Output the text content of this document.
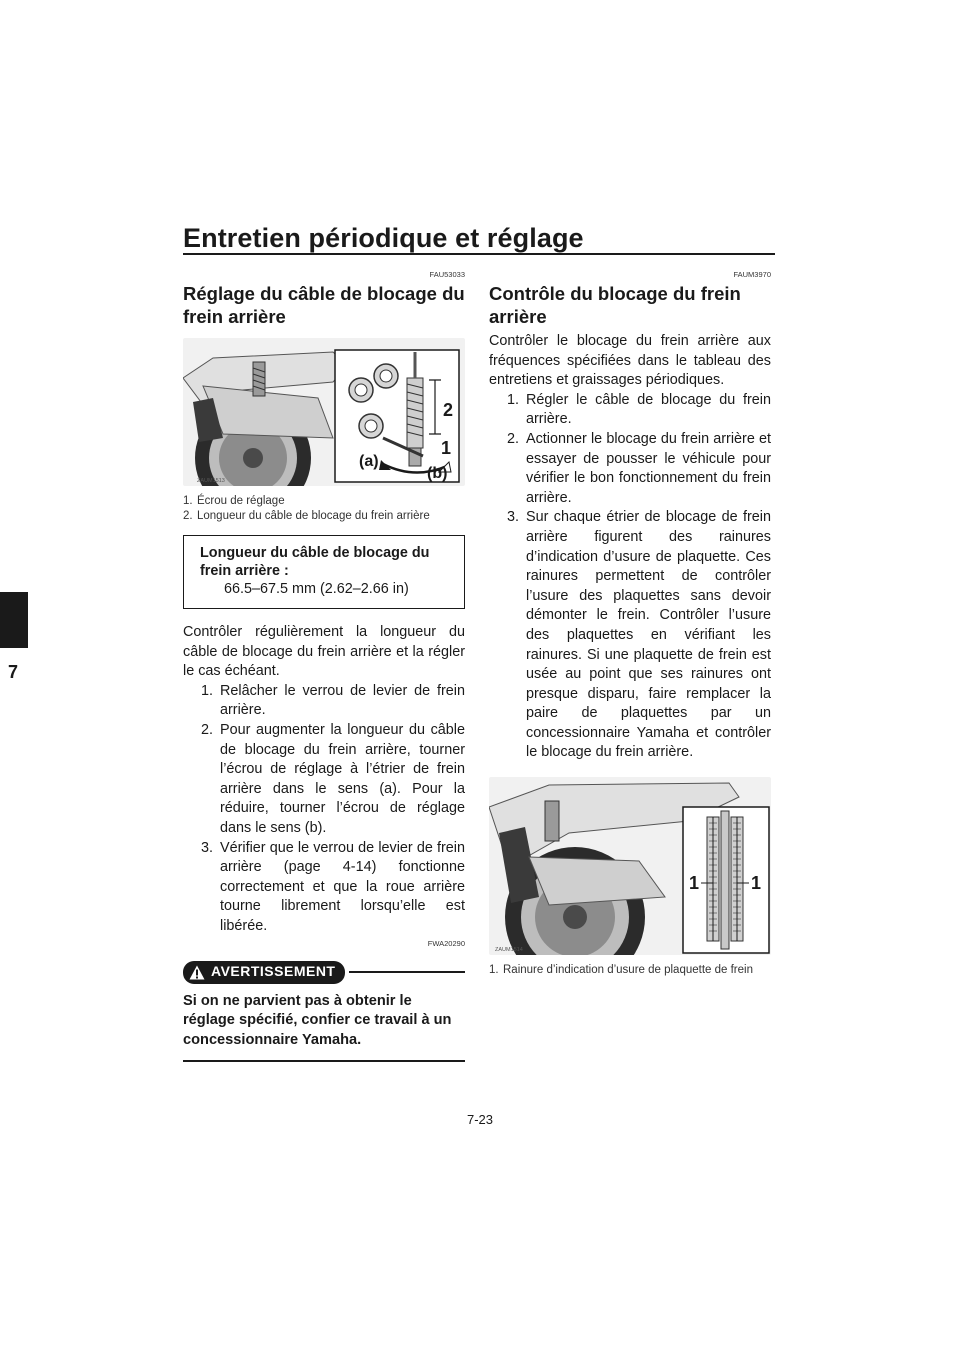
Entretien périodique et réglage
7
FAU53033
Réglage du câble de blocage du frein arrière
2
1
(a)
(b)
ZAUM1513
1. Écrou de réglage
2. Longueur du câble de blocage du frein arrière
Longueur du câble de blocage du frein arrière :
66.5–67.5 mm (2.62–2.66 in)

Contrôler régulièrement la longueur du câble de blocage du frein arrière et la régler le cas échéant.

1. Relâcher le verrou de levier de frein arrière.
2. Pour augmenter la longueur du câble de blocage du frein arrière, tourner l’écrou de réglage à l’étrier de frein arrière dans le sens (a). Pour la réduire, tourner l’écrou de réglage dans le sens (b).
3. Vérifier que le verrou de levier de frein arrière (page 4-14) fonctionne correctement et que la roue arrière tourne librement lorsqu’elle est libérée.
FWA20290
AVERTISSEMENT

Si on ne parvient pas à obtenir le réglage spécifié, confier ce travail à un concessionnaire Yamaha.

FAUM3970
Contrôle du blocage du frein arrière

Contrôler le blocage du frein arrière aux fréquences spécifiées dans le tableau des entretiens et graissages périodiques.

1. Régler le câble de blocage du frein arrière.
2. Actionner le blocage du frein arrière et essayer de pousser le véhicule pour vérifier le bon fonctionnement du frein arrière.
3. Sur chaque étrier de blocage de frein arrière figurent des rainures d’indication d’usure de plaquette. Ces rainures permettent de contrôler l’usure des plaquettes sans devoir démonter le frein. Contrôler l’usure des plaquettes en vérifiant les rainures. Si une plaquette de frein est usée au point que ses rainures ont presque disparu, faire remplacer la paire de plaquettes par un concessionnaire Yamaha et contrôler le blocage du frein arrière.
1	1
ZAUM1514
1. Rainure d’indication d’usure de plaquette de frein
7-23
